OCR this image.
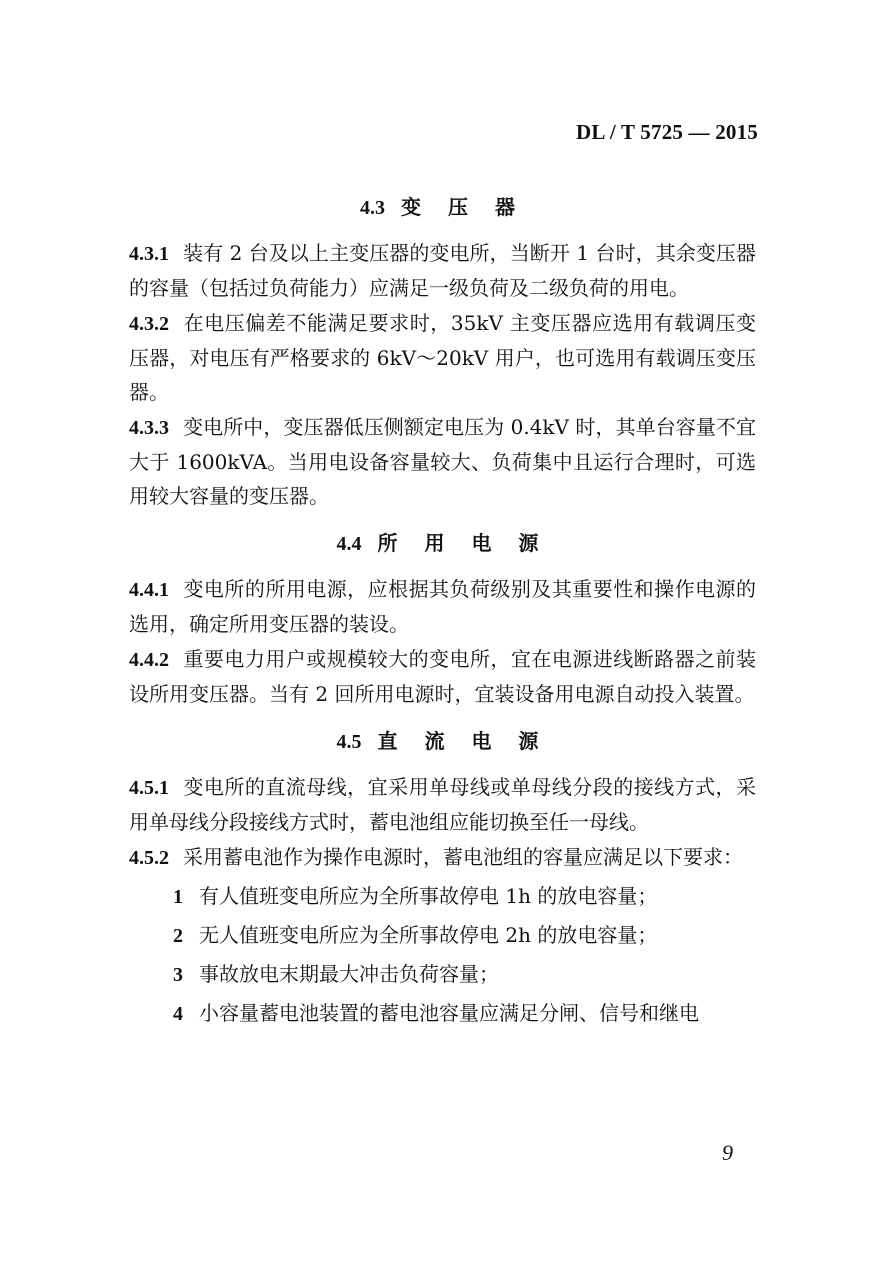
DL / T 5725 — 2015
4.3 变 压 器

4.3.1 装有 2 台及以上主变压器的变电所，当断开 1 台时，其余变压器的容量（包括过负荷能力）应满足一级负荷及二级负荷的用电。

4.3.2 在电压偏差不能满足要求时，35kV 主变压器应选用有载调压变压器，对电压有严格要求的 6kV～20kV 用户，也可选用有载调压变压器。

4.3.3 变电所中，变压器低压侧额定电压为 0.4kV 时，其单台容量不宜大于 1600kVA。当用电设备容量较大、负荷集中且运行合理时，可选用较大容量的变压器。

4.4 所 用 电 源

4.4.1 变电所的所用电源，应根据其负荷级别及其重要性和操作电源的选用，确定所用变压器的装设。

4.4.2 重要电力用户或规模较大的变电所，宜在电源进线断路器之前装设所用变压器。当有 2 回所用电源时，宜装设备用电源自动投入装置。

4.5 直 流 电 源

4.5.1 变电所的直流母线，宜采用单母线或单母线分段的接线方式，采用单母线分段接线方式时，蓄电池组应能切换至任一母线。

4.5.2 采用蓄电池作为操作电源时，蓄电池组的容量应满足以下要求：

1 有人值班变电所应为全所事故停电 1h 的放电容量；

2 无人值班变电所应为全所事故停电 2h 的放电容量；

3 事故放电末期最大冲击负荷容量；

4 小容量蓄电池装置的蓄电池容量应满足分闸、信号和继电

9
